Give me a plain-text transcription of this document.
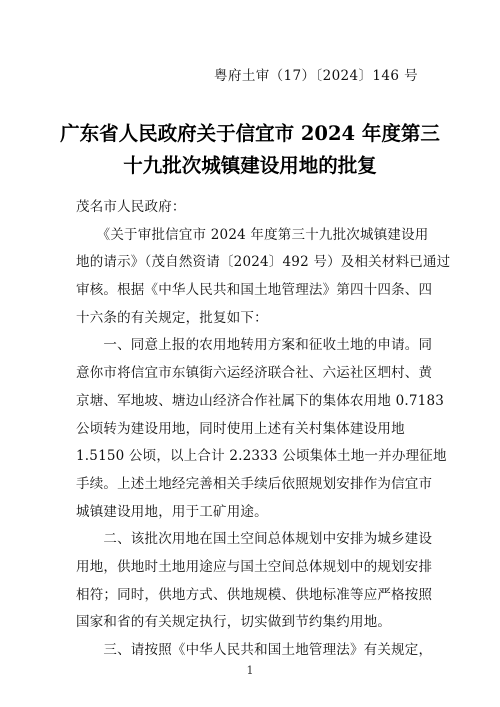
粤府土审（17）〔2024〕146 号
广东省人民政府关于信宜市 2024 年度第三
十九批次城镇建设用地的批复
茂名市人民政府：
　　《关于审批信宜市 2024 年度第三十九批次城镇建设用
地的请示》（茂自然资请〔2024〕492 号）及相关材料已通过
审核。根据《中华人民共和国土地管理法》第四十四条、四
十六条的有关规定，批复如下：
　　一、同意上报的农用地转用方案和征收土地的申请。同
意你市将信宜市东镇街六运经济联合社、六运社区垇村、黄
京塘、军地坡、塘边山经济合作社属下的集体农用地 0.7183
公顷转为建设用地，同时使用上述有关村集体建设用地
1.5150 公顷，以上合计 2.2333 公顷集体土地一并办理征地
手续。上述土地经完善相关手续后依照规划安排作为信宜市
城镇建设用地，用于工矿用途。
　　二、该批次用地在国土空间总体规划中安排为城乡建设
用地，供地时土地用途应与国土空间总体规划中的规划安排
相符；同时，供地方式、供地规模、供地标准等应严格按照
国家和省的有关规定执行，切实做到节约集约用地。
　　三、请按照《中华人民共和国土地管理法》有关规定，
1
